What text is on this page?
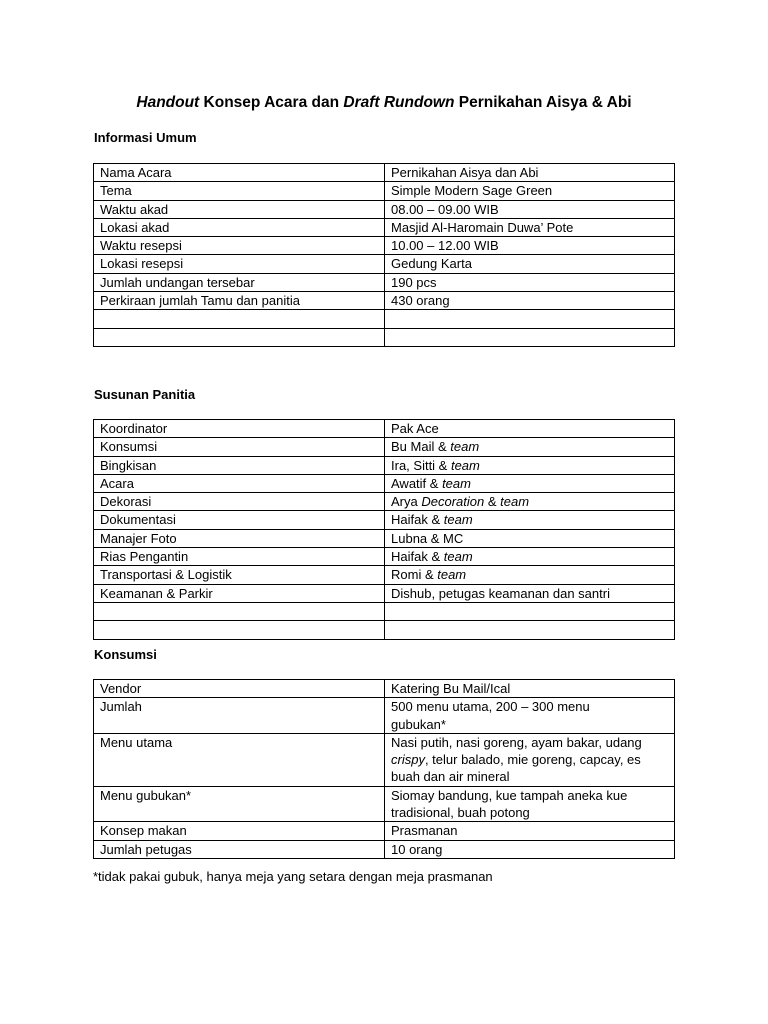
Handout Konsep Acara dan Draft Rundown Pernikahan Aisya & Abi
Informasi Umum
Nama Acara	Pernikahan Aisya dan Abi
Tema	Simple Modern Sage Green
Waktu akad	08.00 – 09.00 WIB
Lokasi akad	Masjid Al-Haromain Duwa’ Pote
Waktu resepsi	10.00 – 12.00 WIB
Lokasi resepsi	Gedung Karta
Jumlah undangan tersebar	190 pcs
Perkiraan jumlah Tamu dan panitia	430 orang

Susunan Panitia
Koordinator	Pak Ace
Konsumsi	Bu Mail & team
Bingkisan	Ira, Sitti & team
Acara	Awatif & team
Dekorasi	Arya Decoration & team
Dokumentasi	Haifak & team
Manajer Foto	Lubna & MC
Rias Pengantin	Haifak & team
Transportasi & Logistik	Romi & team
Keamanan & Parkir	Dishub, petugas keamanan dan santri

Konsumsi
Vendor	Katering Bu Mail/Ical
Jumlah	500 menu utama, 200 – 300 menu
gubukan*
Menu utama	Nasi putih, nasi goreng, ayam bakar, udang
crispy, telur balado, mie goreng, capcay, es
buah dan air mineral
Menu gubukan*	Siomay bandung, kue tampah aneka kue
tradisional, buah potong
Konsep makan	Prasmanan
Jumlah petugas	10 orang
*tidak pakai gubuk, hanya meja yang setara dengan meja prasmanan
